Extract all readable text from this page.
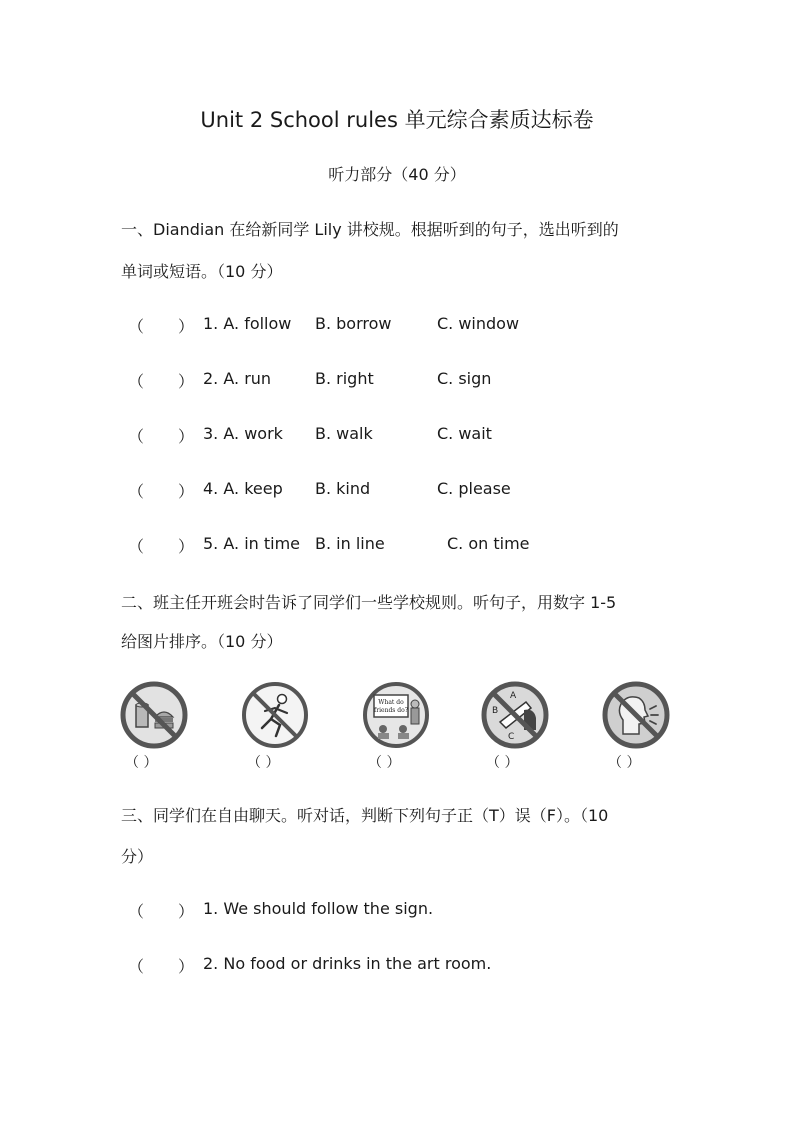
Unit 2 School rules 单元综合素质达标卷
听力部分（40 分）
一、Diandian 在给新同学 Lily 讲校规。根据听到的句子，选出听到的
单词或短语。（10 分）
（ ） 1. A. follow B. borrow	C. window
（ ） 2. A. run	B. right	C. sign
（ ） 3. A. work B. walk	C. wait
（ ） 4. A. keep B. kind	C. please
（ ） 5. A. in time B. in line	C. on time
二、班主任开班会时告诉了同学们一些学校规则。听句子，用数字 1-5
给图片排序。（10 分）
（ ）	（ ）
What do
friends do?
（ ）
A
B
C
（ ）	（ ）
三、同学们在自由聊天。听对话，判断下列句子正（T）误（F）。（10
分）
（ ） 1. We should follow the sign.
（ ） 2. No food or drinks in the art room.
